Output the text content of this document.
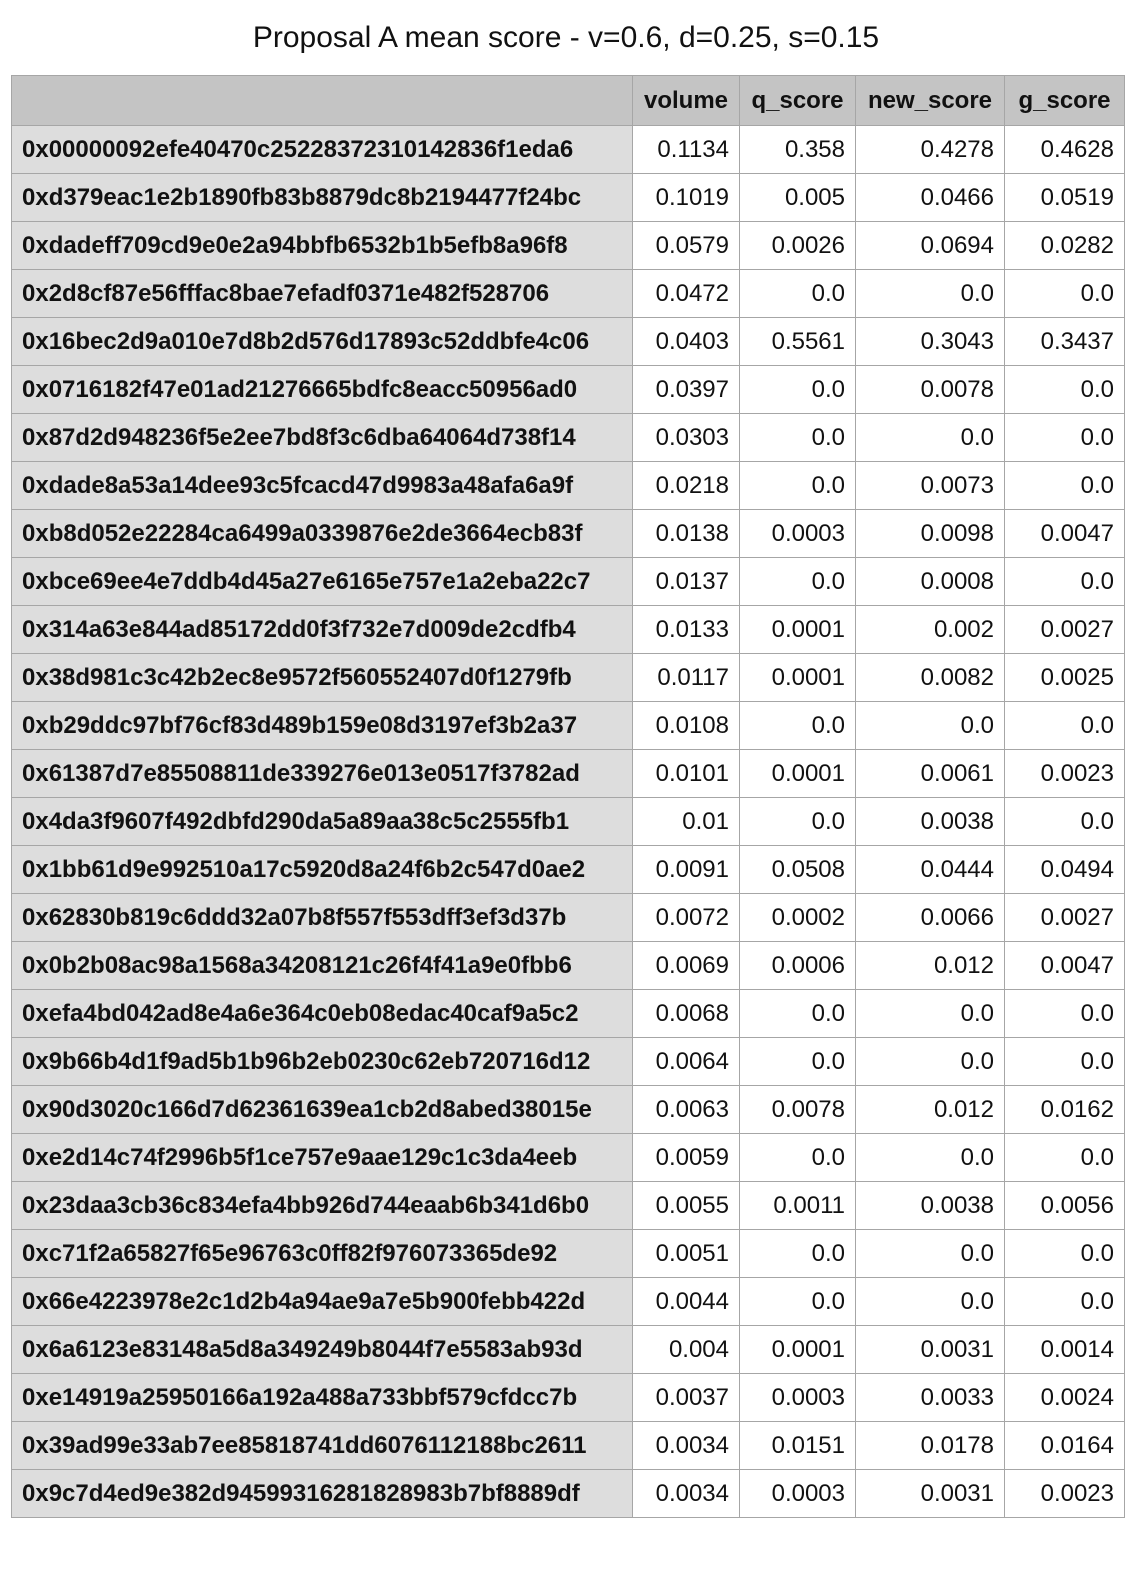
Proposal A mean score - v=0.6, d=0.25, s=0.15
	volume	q_score	new_score	g_score
0x00000092efe40470c25228372310142836f1eda6	0.1134	0.358	0.4278	0.4628
0xd379eac1e2b1890fb83b8879dc8b2194477f24bc	0.1019	0.005	0.0466	0.0519
0xdadeff709cd9e0e2a94bbfb6532b1b5efb8a96f8	0.0579	0.0026	0.0694	0.0282
0x2d8cf87e56fffac8bae7efadf0371e482f528706	0.0472	0.0	0.0	0.0
0x16bec2d9a010e7d8b2d576d17893c52ddbfe4c06	0.0403	0.5561	0.3043	0.3437
0x0716182f47e01ad21276665bdfc8eacc50956ad0	0.0397	0.0	0.0078	0.0
0x87d2d948236f5e2ee7bd8f3c6dba64064d738f14	0.0303	0.0	0.0	0.0
0xdade8a53a14dee93c5fcacd47d9983a48afa6a9f	0.0218	0.0	0.0073	0.0
0xb8d052e22284ca6499a0339876e2de3664ecb83f	0.0138	0.0003	0.0098	0.0047
0xbce69ee4e7ddb4d45a27e6165e757e1a2eba22c7	0.0137	0.0	0.0008	0.0
0x314a63e844ad85172dd0f3f732e7d009de2cdfb4	0.0133	0.0001	0.002	0.0027
0x38d981c3c42b2ec8e9572f560552407d0f1279fb	0.0117	0.0001	0.0082	0.0025
0xb29ddc97bf76cf83d489b159e08d3197ef3b2a37	0.0108	0.0	0.0	0.0
0x61387d7e85508811de339276e013e0517f3782ad	0.0101	0.0001	0.0061	0.0023
0x4da3f9607f492dbfd290da5a89aa38c5c2555fb1	0.01	0.0	0.0038	0.0
0x1bb61d9e992510a17c5920d8a24f6b2c547d0ae2	0.0091	0.0508	0.0444	0.0494
0x62830b819c6ddd32a07b8f557f553dff3ef3d37b	0.0072	0.0002	0.0066	0.0027
0x0b2b08ac98a1568a34208121c26f4f41a9e0fbb6	0.0069	0.0006	0.012	0.0047
0xefa4bd042ad8e4a6e364c0eb08edac40caf9a5c2	0.0068	0.0	0.0	0.0
0x9b66b4d1f9ad5b1b96b2eb0230c62eb720716d12	0.0064	0.0	0.0	0.0
0x90d3020c166d7d62361639ea1cb2d8abed38015e	0.0063	0.0078	0.012	0.0162
0xe2d14c74f2996b5f1ce757e9aae129c1c3da4eeb	0.0059	0.0	0.0	0.0
0x23daa3cb36c834efa4bb926d744eaab6b341d6b0	0.0055	0.0011	0.0038	0.0056
0xc71f2a65827f65e96763c0ff82f976073365de92	0.0051	0.0	0.0	0.0
0x66e4223978e2c1d2b4a94ae9a7e5b900febb422d	0.0044	0.0	0.0	0.0
0x6a6123e83148a5d8a349249b8044f7e5583ab93d	0.004	0.0001	0.0031	0.0014
0xe14919a25950166a192a488a733bbf579cfdcc7b	0.0037	0.0003	0.0033	0.0024
0x39ad99e33ab7ee85818741dd6076112188bc2611	0.0034	0.0151	0.0178	0.0164
0x9c7d4ed9e382d94599316281828983b7bf8889df	0.0034	0.0003	0.0031	0.0023
